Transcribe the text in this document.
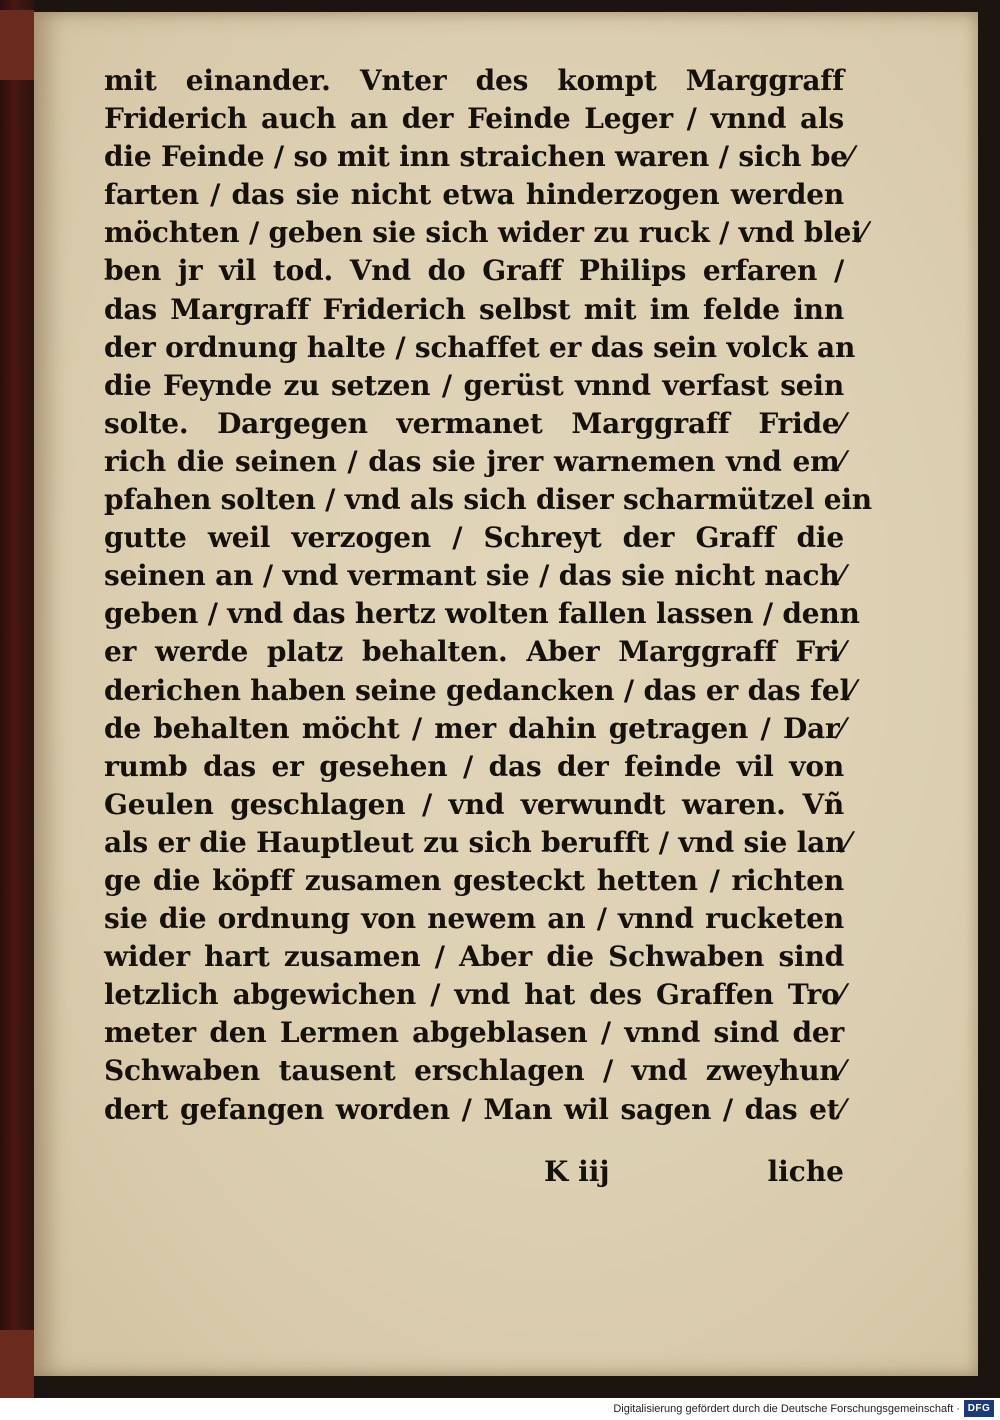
mit einander. Vnter des kompt Marggraff
Friderich auch an der Feinde Leger / vnnd als
die Feinde / so mit inn straichen waren / sich be⁄
farten / das sie nicht etwa hinderzogen werden
möchten / geben sie sich wider zu ruck / vnd blei⁄
ben jr vil tod. Vnd do Graff Philips erfaren /
das Margraff Friderich selbst mit im felde inn
der ordnung halte / schaffet er das sein volck an
die Feynde zu setzen / gerüst vnnd verfast sein
solte. Dargegen vermanet Marggraff Fride⁄
rich die seinen / das sie jrer warnemen vnd em⁄
pfahen solten / vnd als sich diser scharmützel ein
gutte weil verzogen / Schreyt der Graff die
seinen an / vnd vermant sie / das sie nicht nach⁄
geben / vnd das hertz wolten fallen lassen / denn
er werde platz behalten. Aber Marggraff Fri⁄
derichen haben seine gedancken / das er das fel⁄
de behalten möcht / mer dahin getragen / Dar⁄
rumb das er gesehen / das der feinde vil von
Geulen geschlagen / vnd verwundt waren. Vñ
als er die Hauptleut zu sich berufft / vnd sie lan⁄
ge die köpff zusamen gesteckt hetten / richten
sie die ordnung von newem an / vnnd rucketen
wider hart zusamen / Aber die Schwaben sind
letzlich abgewichen / vnd hat des Graffen Tro⁄
meter den Lermen abgeblasen / vnnd sind der
Schwaben tausent erschlagen / vnd zweyhun⁄
dert gefangen worden / Man wil sagen / das et⁄
K iij	liche
Digitalisierung gefördert durch die Deutsche Forschungsgemeinschaft · DFG
